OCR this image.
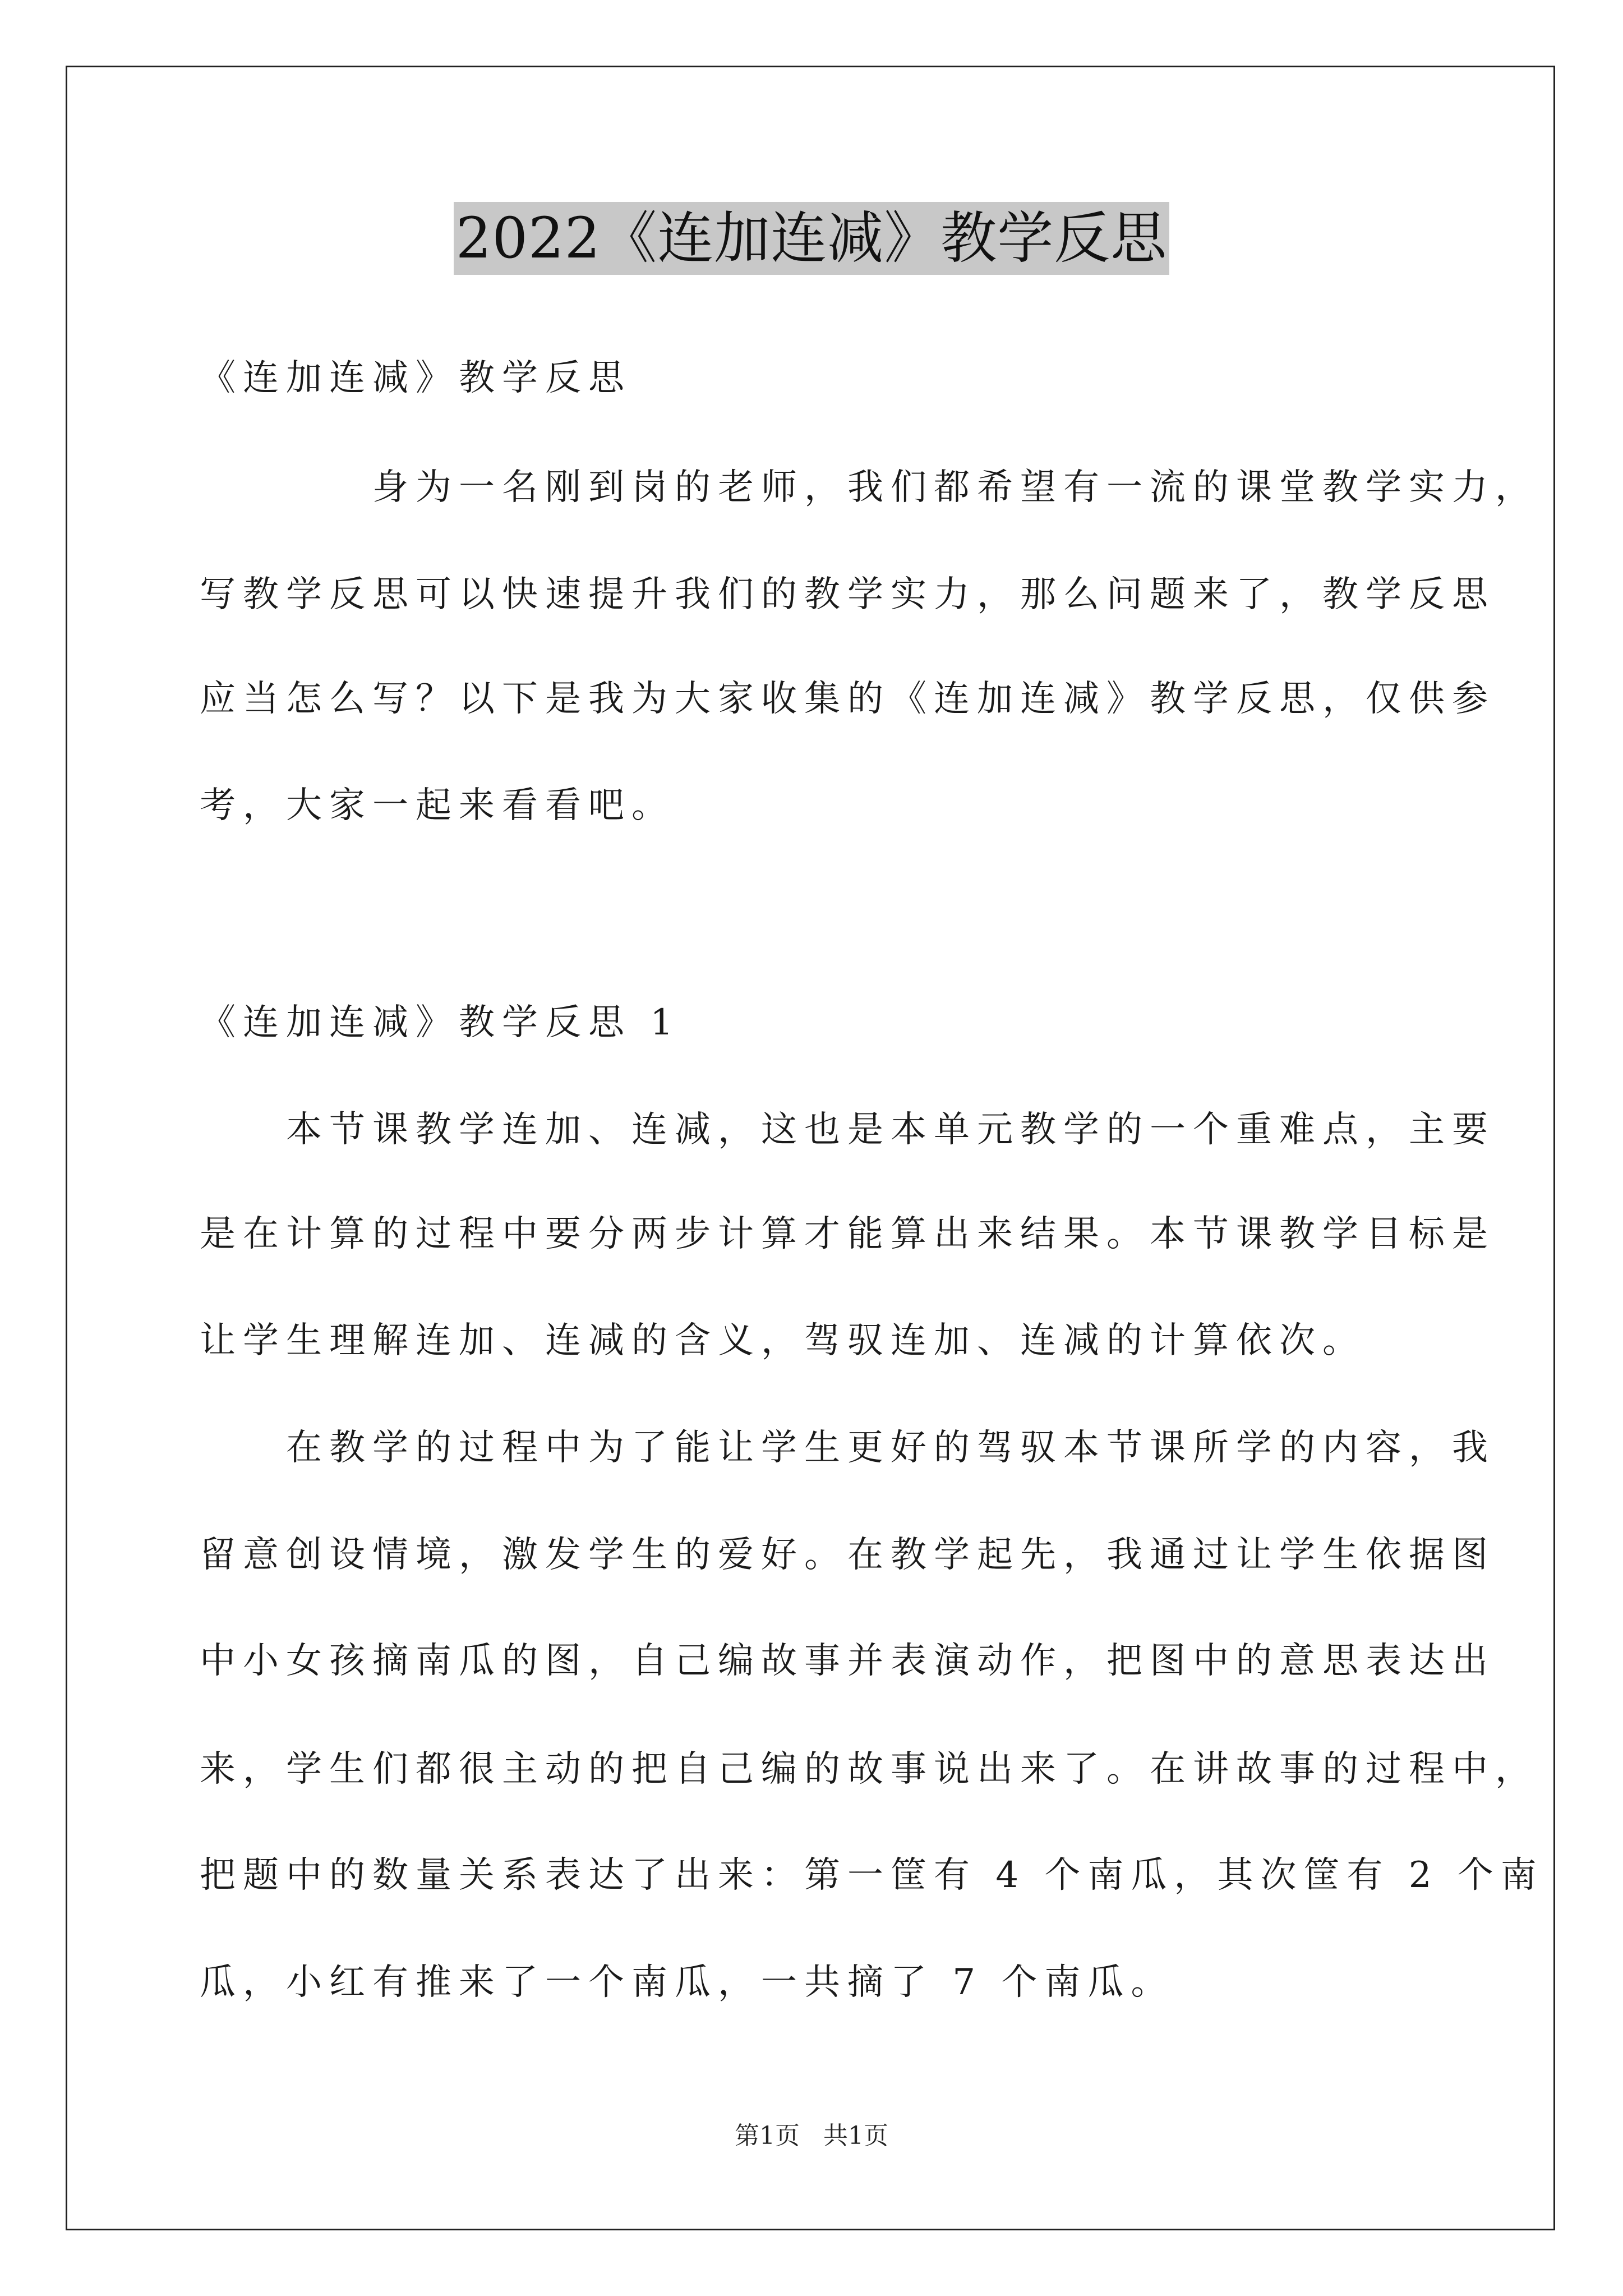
2022《连加连减》教学反思
《连加连减》教学反思
　　　　身为一名刚到岗的老师，我们都希望有一流的课堂教学实力，
写教学反思可以快速提升我们的教学实力，那么问题来了，教学反思
应当怎么写？以下是我为大家收集的《连加连减》教学反思，仅供参
考，大家一起来看看吧。
《连加连减》教学反思 1
　　本节课教学连加、连减，这也是本单元教学的一个重难点，主要
是在计算的过程中要分两步计算才能算出来结果。本节课教学目标是
让学生理解连加、连减的含义，驾驭连加、连减的计算依次。
　　在教学的过程中为了能让学生更好的驾驭本节课所学的内容，我
留意创设情境，激发学生的爱好。在教学起先，我通过让学生依据图
中小女孩摘南瓜的图，自己编故事并表演动作，把图中的意思表达出
来，学生们都很主动的把自己编的故事说出来了。在讲故事的过程中，
把题中的数量关系表达了出来：第一筐有 4 个南瓜，其次筐有 2 个南
瓜，小红有推来了一个南瓜，一共摘了 7 个南瓜。
第1页 共1页
